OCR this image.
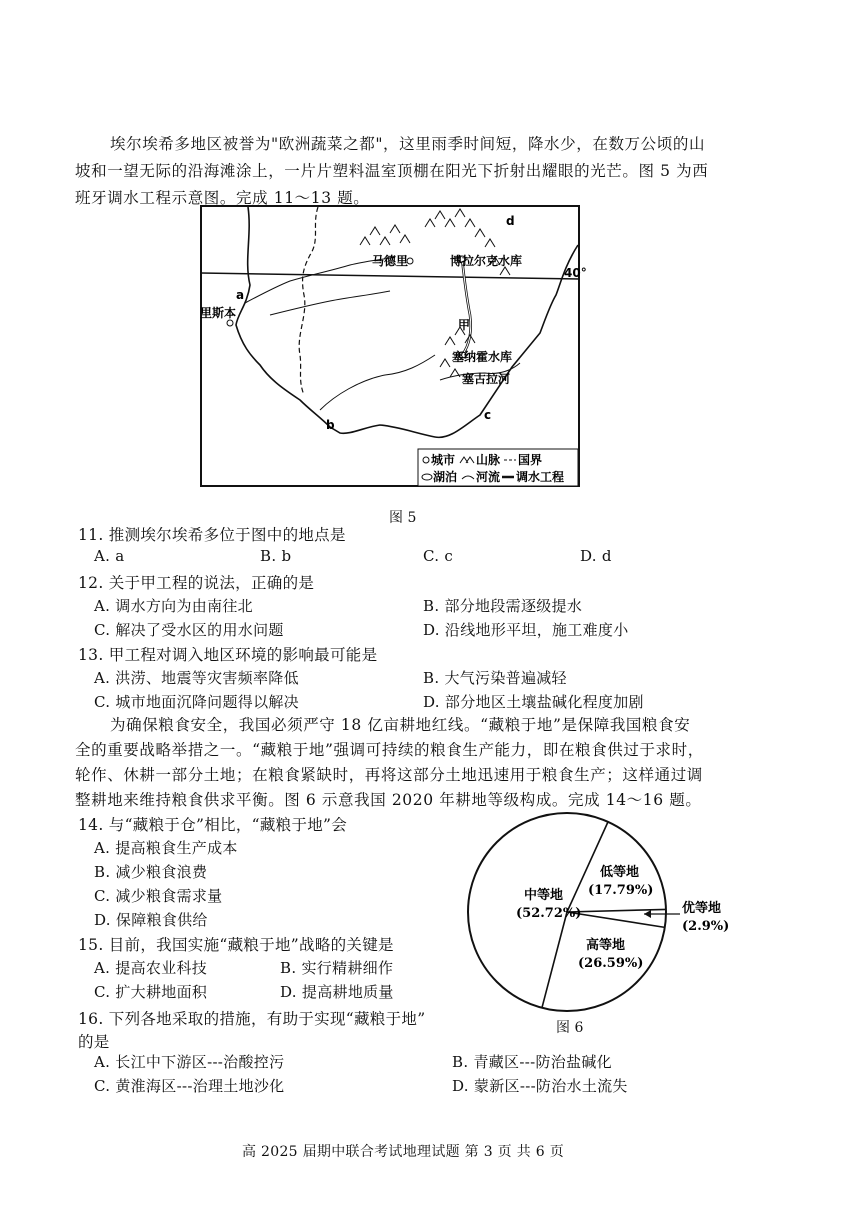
埃尔埃希多地区被誉为"欧洲蔬菜之都"，这里雨季时间短，降水少，在数万公顷的山
坡和一望无际的沿海滩涂上，一片片塑料温室顶棚在阳光下折射出耀眼的光芒。图 5 为西
班牙调水工程示意图。完成 11～13 题。
马德里	博拉尔克水库
里斯本
甲
塞纳霍水库
塞古拉河
a
b
c
d
40°
城市 山脉 国界
湖泊 河流 调水工程
图 5
11. 推测埃尔埃希多位于图中的地点是
A. a	B. b	C. c	D. d
12. 关于甲工程的说法，正确的是
A. 调水方向为由南往北	B. 部分地段需逐级提水
C. 解决了受水区的用水问题	D. 沿线地形平坦，施工难度小
13. 甲工程对调入地区环境的影响最可能是
A. 洪涝、地震等灾害频率降低	B. 大气污染普遍减轻
C. 城市地面沉降问题得以解决	D. 部分地区土壤盐碱化程度加剧
为确保粮食安全，我国必须严守 18 亿亩耕地红线。“藏粮于地”是保障我国粮食安
全的重要战略举措之一。“藏粮于地”强调可持续的粮食生产能力，即在粮食供过于求时，
轮作、休耕一部分土地；在粮食紧缺时，再将这部分土地迅速用于粮食生产；这样通过调
整耕地来维持粮食供求平衡。图 6 示意我国 2020 年耕地等级构成。完成 14～16 题。
14. 与“藏粮于仓”相比，“藏粮于地”会
A. 提高粮食生产成本
B. 减少粮食浪费
C. 减少粮食需求量
D. 保障粮食供给
15. 目前，我国实施“藏粮于地”战略的关键是
A. 提高农业科技	B. 实行精耕细作
C. 扩大耕地面积	D. 提高耕地质量
16. 下列各地采取的措施，有助于实现“藏粮于地”
的是
A. 长江中下游区---治酸控污	B. 青藏区---防治盐碱化
C. 黄淮海区---治理土地沙化	D. 蒙新区---防治水土流失
中等地
(52.72%)
低等地
(17.79%)
高等地
(26.59%)
优等地
(2.9%)
图 6
高 2025 届期中联合考试地理试题 第 3 页 共 6 页
